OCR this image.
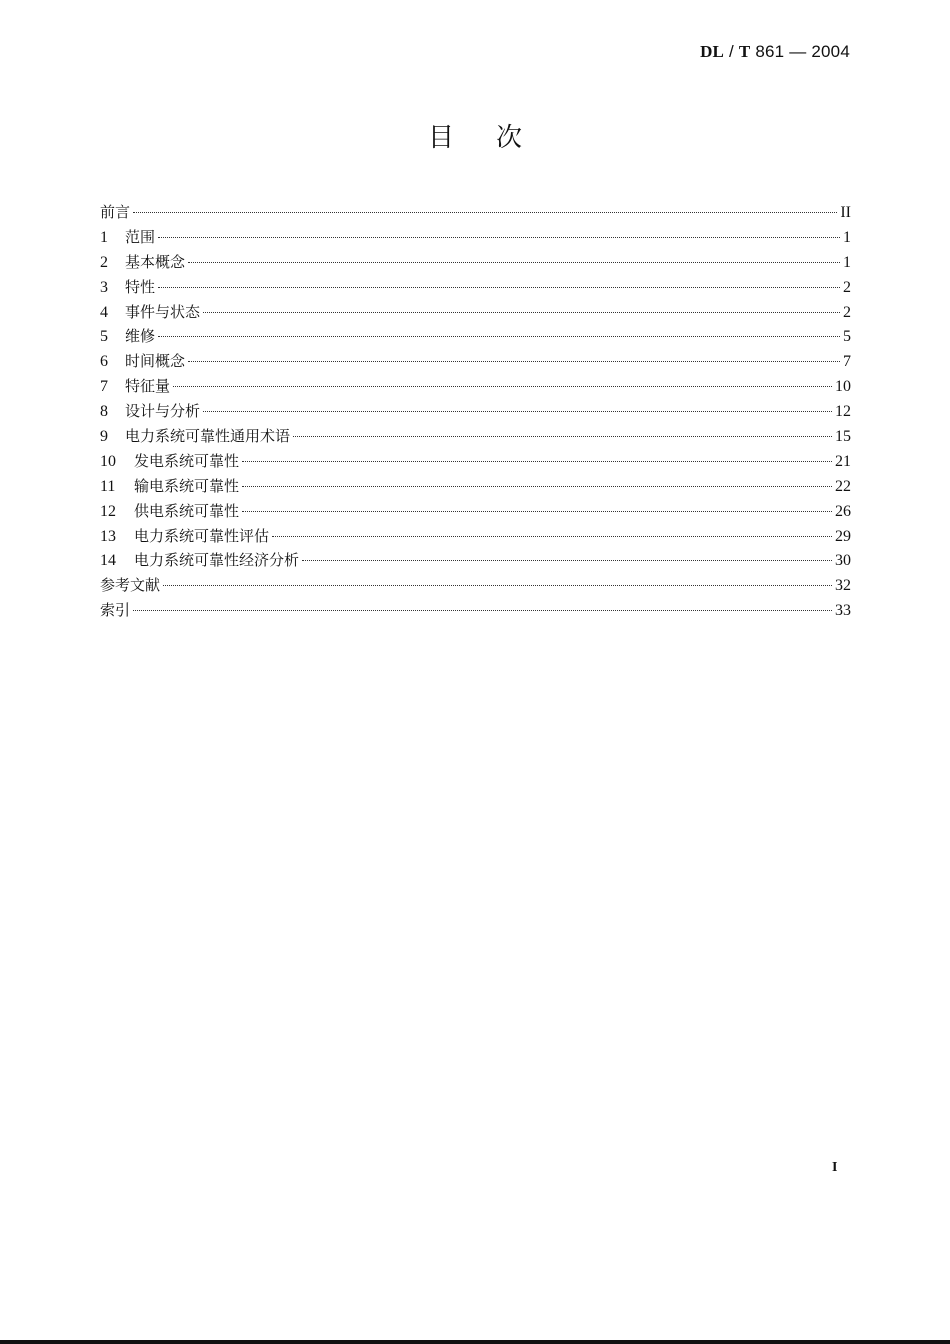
DL / T 861 — 2004
目 次
前言	II
1	范围	1
2	基本概念	1
3	特性	2
4	事件与状态	2
5	维修	5
6	时间概念	7
7	特征量	10
8	设计与分析	12
9	电力系统可靠性通用术语	15
10	发电系统可靠性	21
11	输电系统可靠性	22
12	供电系统可靠性	26
13	电力系统可靠性评估	29
14	电力系统可靠性经济分析	30
参考文献	32
索引	33
I
